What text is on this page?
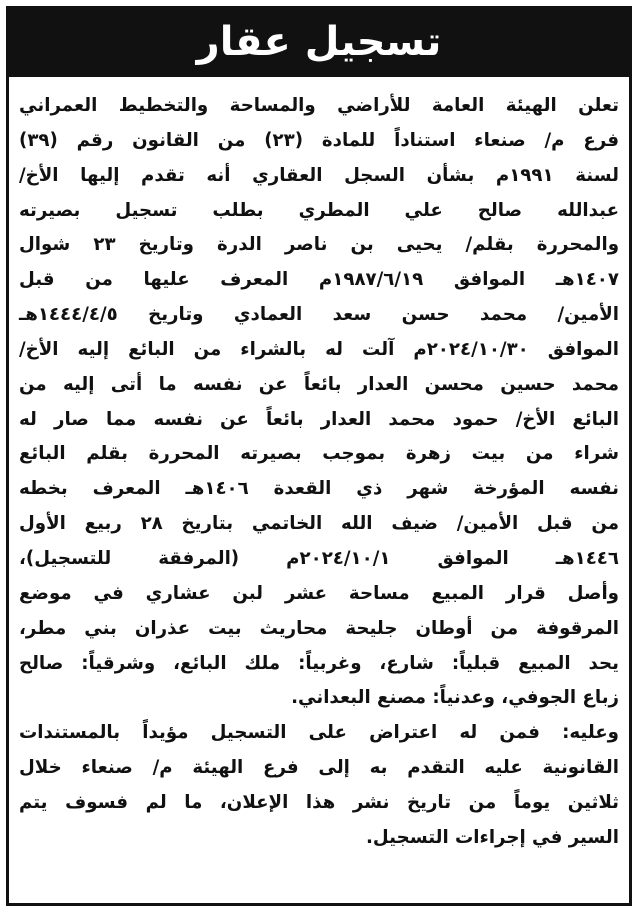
تسجيل عقار
تعلن الهيئة العامة للأراضي والمساحة والتخطيط العمراني
فرع م/ صنعاء استناداً للمادة (٢٣) من القانون رقم (٣٩)
لسنة ١٩٩١م بشأن السجل العقاري أنه تقدم إليها الأخ/
عبدالله صالح علي المطري بطلب تسجيل بصيرته
والمحررة بقلم/ يحيى بن ناصر الدرة وتاريخ ٢٣ شوال
١٤٠٧هـ الموافق ١٩٨٧/٦/١٩م المعرف عليها من قبل
الأمين/ محمد حسن سعد العمادي وتاريخ ١٤٤٤/٤/٥هـ
الموافق ٢٠٢٤/١٠/٣٠م آلت له بالشراء من البائع إليه الأخ/
محمد حسين محسن العدار بائعاً عن نفسه ما أتى إليه من
البائع الأخ/ حمود محمد العدار بائعاً عن نفسه مما صار له
شراء من بيت زهرة بموجب بصيرته المحررة بقلم البائع
نفسه المؤرخة شهر ذي القعدة ١٤٠٦هـ المعرف بخطه
من قبل الأمين/ ضيف الله الخاتمي بتاريخ ٢٨ ربيع الأول
١٤٤٦هـ الموافق ٢٠٢٤/١٠/١م (المرفقة للتسجيل)،
وأصل قرار المبيع مساحة عشر لبن عشاري في موضع
المرقوفة من أوطان جليحة محاريث بيت عذران بني مطر،
يحد المبيع قبلياً: شارع، وغربياً: ملك البائع، وشرقياً: صالح
زباع الجوفي، وعدنياً: مصنع البعداني.
وعليه: فمن له اعتراض على التسجيل مؤيداً بالمستندات
القانونية عليه التقدم به إلى فرع الهيئة م/ صنعاء خلال
ثلاثين يوماً من تاريخ نشر هذا الإعلان، ما لم فسوف يتم
السير في إجراءات التسجيل.
